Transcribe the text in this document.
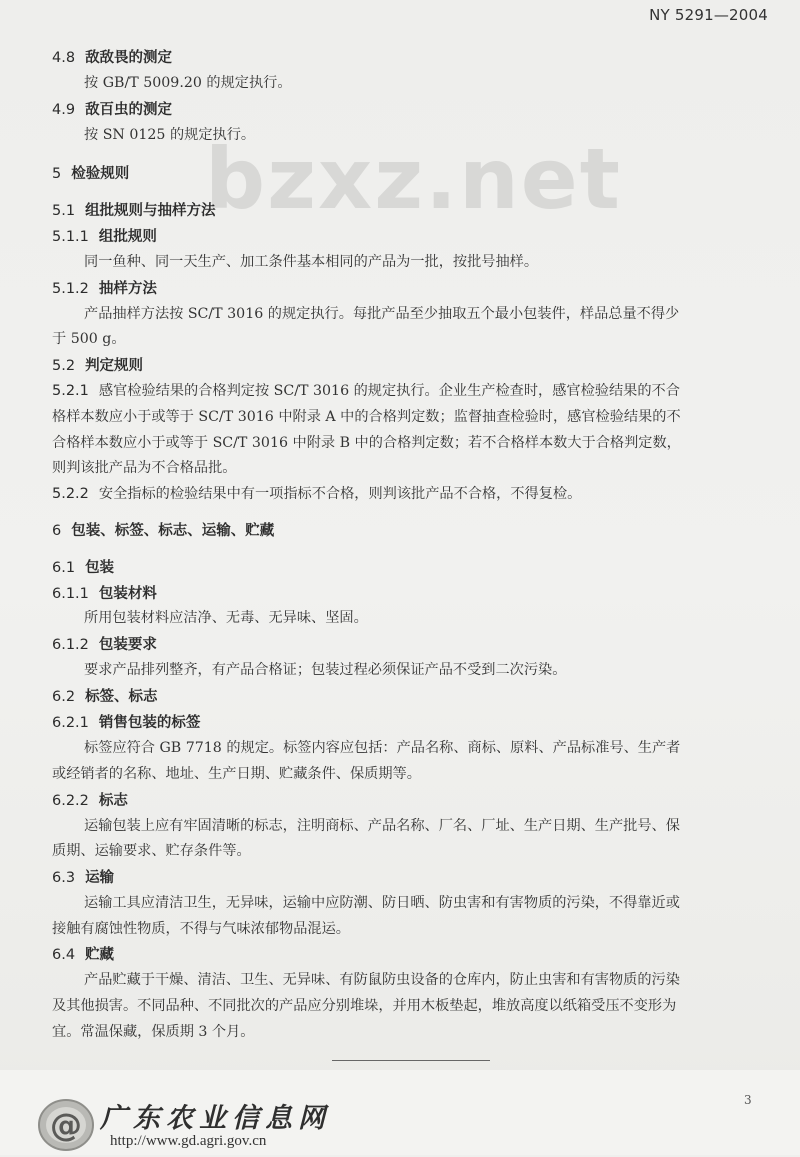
NY 5291—2004
bzxz.net
4.8 敌敌畏的测定
按 GB/T 5009.20 的规定执行。
4.9 敌百虫的测定
按 SN 0125 的规定执行。
5 检验规则
5.1 组批规则与抽样方法
5.1.1 组批规则
同一鱼种、同一天生产、加工条件基本相同的产品为一批，按批号抽样。
5.1.2 抽样方法
产品抽样方法按 SC/T 3016 的规定执行。每批产品至少抽取五个最小包装件，样品总量不得少
于 500 g。
5.2 判定规则
5.2.1 感官检验结果的合格判定按 SC/T 3016 的规定执行。企业生产检查时，感官检验结果的不合
格样本数应小于或等于 SC/T 3016 中附录 A 中的合格判定数；监督抽查检验时，感官检验结果的不
合格样本数应小于或等于 SC/T 3016 中附录 B 中的合格判定数；若不合格样本数大于合格判定数，
则判该批产品为不合格品批。
5.2.2 安全指标的检验结果中有一项指标不合格，则判该批产品不合格，不得复检。
6 包装、标签、标志、运输、贮藏
6.1 包装
6.1.1 包装材料
所用包装材料应洁净、无毒、无异味、坚固。
6.1.2 包装要求
要求产品排列整齐，有产品合格证；包装过程必须保证产品不受到二次污染。
6.2 标签、标志
6.2.1 销售包装的标签
标签应符合 GB 7718 的规定。标签内容应包括：产品名称、商标、原料、产品标准号、生产者
或经销者的名称、地址、生产日期、贮藏条件、保质期等。
6.2.2 标志
运输包装上应有牢固清晰的标志，注明商标、产品名称、厂名、厂址、生产日期、生产批号、保
质期、运输要求、贮存条件等。
6.3 运输
运输工具应清洁卫生，无异味，运输中应防潮、防日晒、防虫害和有害物质的污染，不得靠近或
接触有腐蚀性物质，不得与气味浓郁物品混运。
6.4 贮藏
产品贮藏于干燥、清洁、卫生、无异味、有防鼠防虫设备的仓库内，防止虫害和有害物质的污染
及其他损害。不同品种、不同批次的产品应分别堆垛，并用木板垫起，堆放高度以纸箱受压不变形为
宜。常温保藏，保质期 3 个月。
3
@ 广东农业信息网
http://www.gd.agri.gov.cn
